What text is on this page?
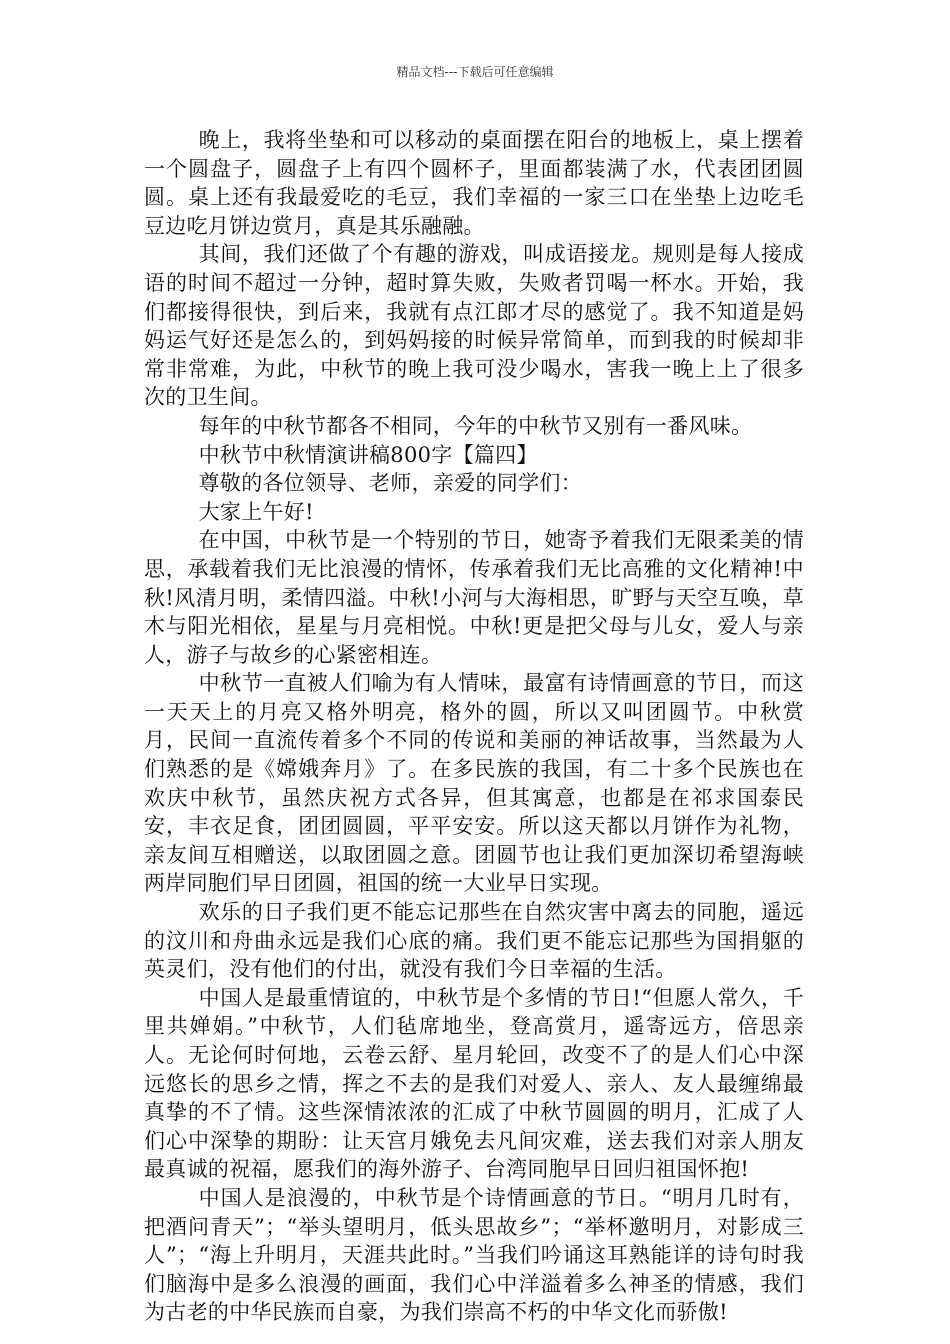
精品文档---下载后可任意编辑

晚上，我将坐垫和可以移动的桌面摆在阳台的地板上，桌上摆着一个圆盘子，圆盘子上有四个圆杯子，里面都装满了水，代表团团圆圆。桌上还有我最爱吃的毛豆，我们幸福的一家三口在坐垫上边吃毛豆边吃月饼边赏月，真是其乐融融。

其间，我们还做了个有趣的游戏，叫成语接龙。规则是每人接成语的时间不超过一分钟，超时算失败，失败者罚喝一杯水。开始，我们都接得很快，到后来，我就有点江郎才尽的感觉了。我不知道是妈妈运气好还是怎么的，到妈妈接的时候异常简单，而到我的时候却非常非常难，为此，中秋节的晚上我可没少喝水，害我一晚上上了很多次的卫生间。

每年的中秋节都各不相同，今年的中秋节又别有一番风味。

中秋节中秋情演讲稿800字【篇四】

尊敬的各位领导、老师，亲爱的同学们：

大家上午好!

在中国，中秋节是一个特别的节日，她寄予着我们无限柔美的情思，承载着我们无比浪漫的情怀，传承着我们无比高雅的文化精神!中秋!风清月明，柔情四溢。中秋!小河与大海相思，旷野与天空互唤，草木与阳光相依，星星与月亮相悦。中秋!更是把父母与儿女，爱人与亲人，游子与故乡的心紧密相连。

中秋节一直被人们喻为有人情味，最富有诗情画意的节日，而这一天天上的月亮又格外明亮，格外的圆，所以又叫团圆节。中秋赏月，民间一直流传着多个不同的传说和美丽的神话故事，当然最为人们熟悉的是《嫦娥奔月》了。在多民族的我国，有二十多个民族也在欢庆中秋节，虽然庆祝方式各异，但其寓意，也都是在祁求国泰民安，丰衣足食，团团圆圆，平平安安。所以这天都以月饼作为礼物，亲友间互相赠送，以取团圆之意。团圆节也让我们更加深切希望海峡两岸同胞们早日团圆，祖国的统一大业早日实现。

欢乐的日子我们更不能忘记那些在自然灾害中离去的同胞，遥远的汶川和舟曲永远是我们心底的痛。我们更不能忘记那些为国捐躯的英灵们，没有他们的付出，就没有我们今日幸福的生活。

中国人是最重情谊的，中秋节是个多情的节日!“但愿人常久，千里共婵娟。”中秋节，人们毡席地坐，登高赏月，遥寄远方，倍思亲人。无论何时何地，云卷云舒、星月轮回，改变不了的是人们心中深远悠长的思乡之情，挥之不去的是我们对爱人、亲人、友人最缠绵最真挚的不了情。这些深情浓浓的汇成了中秋节圆圆的明月，汇成了人们心中深挚的期盼：让天宫月娥免去凡间灾难，送去我们对亲人朋友最真诚的祝福，愿我们的海外游子、台湾同胞早日回归祖国怀抱!

中国人是浪漫的，中秋节是个诗情画意的节日。“明月几时有，把酒问青天”；“举头望明月，低头思故乡”；“举杯邀明月，对影成三人”；“海上升明月，天涯共此时。”当我们吟诵这耳熟能详的诗句时我们脑海中是多么浪漫的画面，我们心中洋溢着多么神圣的情感，我们为古老的中华民族而自豪，为我们崇高不朽的中华文化而骄傲!
